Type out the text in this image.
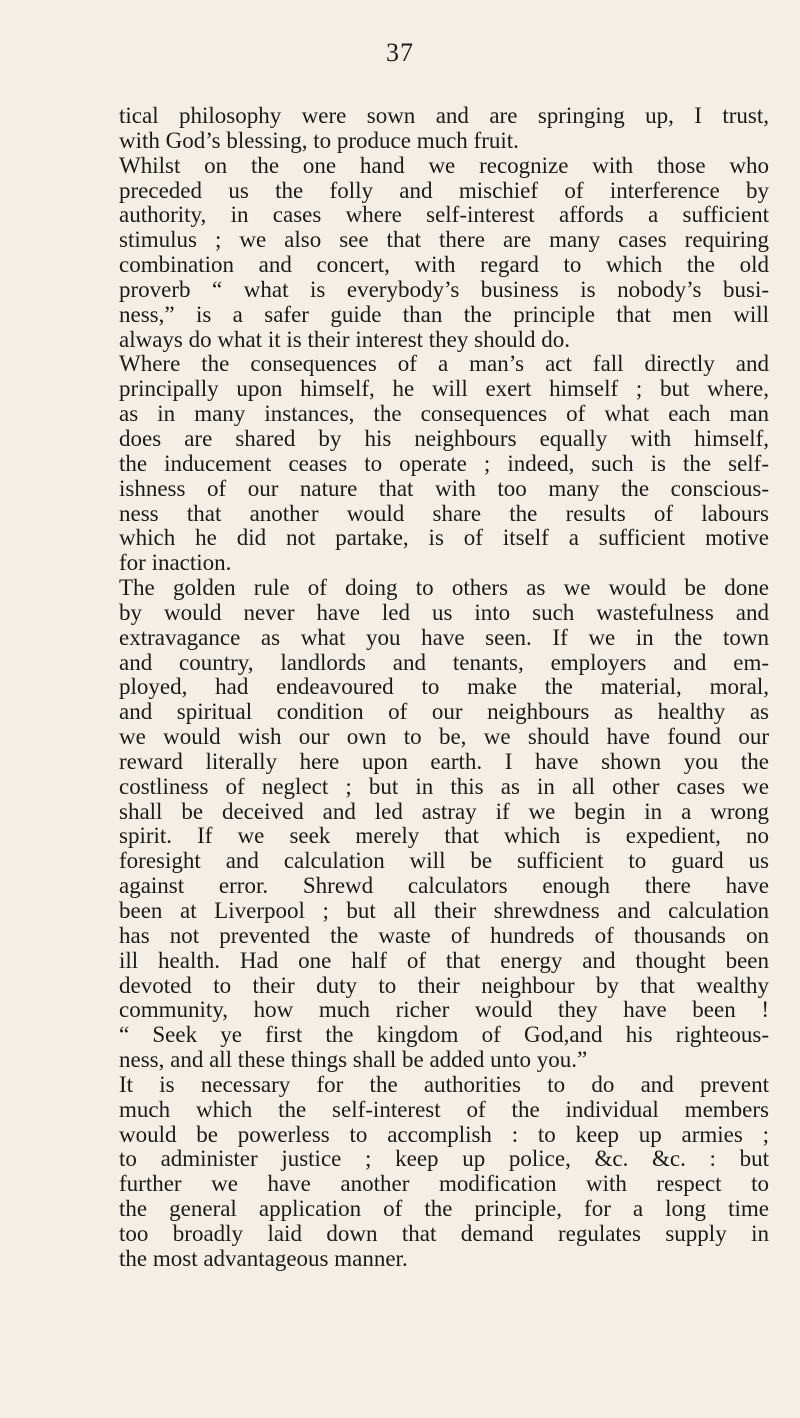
37
tical philosophy were sown and are springing up, I trust,
with God’s blessing, to produce much fruit.
Whilst on the one hand we recognize with those who
preceded us the folly and mischief of interference by
authority, in cases where self-interest affords a sufficient
stimulus ; we also see that there are many cases requiring
combination and concert, with regard to which the old
proverb “ what is everybody’s business is nobody’s busi-
ness,” is a safer guide than the principle that men will
always do what it is their interest they should do.
Where the consequences of a man’s act fall directly and
principally upon himself, he will exert himself ; but where,
as in many instances, the consequences of what each man
does are shared by his neighbours equally with himself,
the inducement ceases to operate ; indeed, such is the self-
ishness of our nature that with too many the conscious-
ness that another would share the results of labours
which he did not partake, is of itself a sufficient motive
for inaction.
The golden rule of doing to others as we would be done
by would never have led us into such wastefulness and
extravagance as what you have seen. If we in the town
and country, landlords and tenants, employers and em-
ployed, had endeavoured to make the material, moral,
and spiritual condition of our neighbours as healthy as
we would wish our own to be, we should have found our
reward literally here upon earth. I have shown you the
costliness of neglect ; but in this as in all other cases we
shall be deceived and led astray if we begin in a wrong
spirit. If we seek merely that which is expedient, no
foresight and calculation will be sufficient to guard us
against error. Shrewd calculators enough there have
been at Liverpool ; but all their shrewdness and calculation
has not prevented the waste of hundreds of thousands on
ill health. Had one half of that energy and thought been
devoted to their duty to their neighbour by that wealthy
community, how much richer would they have been !
“ Seek ye first the kingdom of God,and his righteous-
ness, and all these things shall be added unto you.”
It is necessary for the authorities to do and prevent
much which the self-interest of the individual members
would be powerless to accomplish : to keep up armies ;
to administer justice ; keep up police, &c. &c. : but
further we have another modification with respect to
the general application of the principle, for a long time
too broadly laid down that demand regulates supply in
the most advantageous manner.
